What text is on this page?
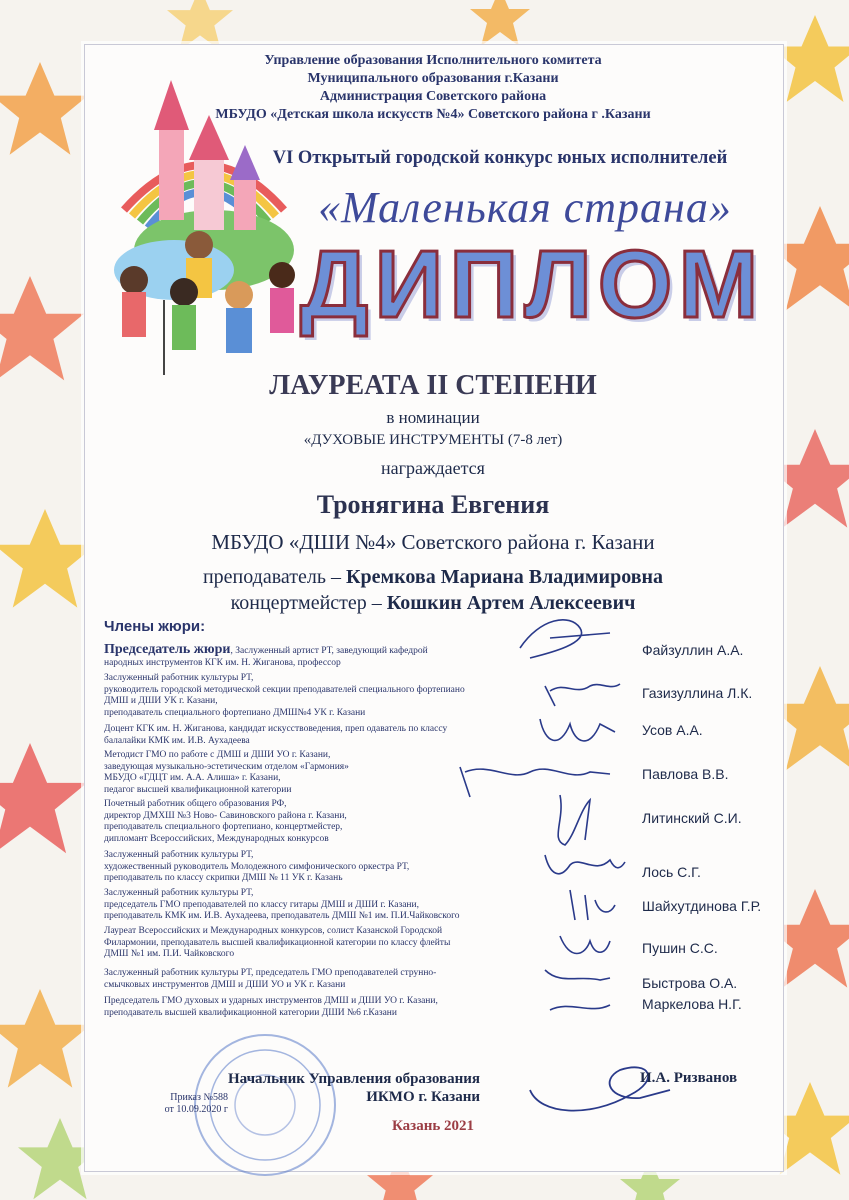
Управление образования Исполнительного комитета
Муниципального образования г.Казани
Администрация Советского района
МБУДО «Детская школа искусств №4» Советского района г .Казани
VI Открытый городской конкурс юных исполнителей
«Маленькая страна»
ДИПЛОМ
ЛАУРЕАТА II СТЕПЕНИ
в номинации
«ДУХОВЫЕ ИНСТРУМЕНТЫ (7-8 лет)
награждается
Тронягина Евгения
МБУДО «ДШИ №4» Советского района г. Казани
преподаватель – Кремкова Мариана Владимировна
концертмейстер – Кошкин Артем Алексеевич
Члены жюри:
Председатель жюри, Заслуженный артист РТ, заведующий кафедрой
народных инструментов КГК им. Н. Жиганова, профессор
Заслуженный работник культуры РТ,
руководитель городской методической секции преподавателей специального фортепиано
ДМШ и ДШИ УК г. Казани,
преподаватель специального фортепиано ДМШ№4 УК г. Казани
Доцент КГК им. Н. Жиганова, кандидат искусствоведения, преп одаватель по классу
балалайки КМК им. И.В. Аухадеева
Методист ГМО по работе с ДМШ и ДШИ УО г. Казани,
заведующая музыкально-эстетическим отделом «Гармония»
МБУДО «ГДЦТ им. А.А. Алиша» г. Казани,
педагог высшей квалификационной категории
Почетный работник общего образования РФ,
директор ДМХШ №3 Ново- Савиновского района г. Казани,
преподаватель специального фортепиано, концертмейстер,
дипломант Всероссийских, Международных конкурсов
Заслуженный работник культуры РТ,
художественный руководитель Молодежного симфонического оркестра РТ,
преподаватель по классу скрипки ДМШ № 11 УК г. Казань
Заслуженный работник культуры РТ,
председатель ГМО преподавателей по классу гитары ДМШ и ДШИ г. Казани,
преподаватель КМК им. И.В. Аухадеева, преподаватель ДМШ №1 им. П.И.Чайковского
Лауреат Всероссийских и Международных конкурсов, солист Казанской Городской
Филармонии, преподаватель высшей квалификационной категории по классу флейты
ДМШ №1 им. П.И. Чайковского
Заслуженный работник культуры РТ, председатель ГМО преподавателей струнно-
смычковых инструментов ДМШ и ДШИ УО и УК г. Казани
Председатель ГМО духовых и ударных инструментов ДМШ и ДШИ УО г. Казани,
преподаватель высшей квалификационной категории ДШИ №6 г.Казани
Файзуллин А.А.
Газизуллина Л.К.
Усов А.А.
Павлова В.В.
Литинский С.И.
Лось С.Г.
Шайхутдинова Г.Р.
Пушин С.С.
Быстрова О.А.
Маркелова Н.Г.
Начальник Управления образования
ИКМО г. Казани
И.А. Ризванов
Приказ №588
от 10.09.2020 г
Казань 2021
